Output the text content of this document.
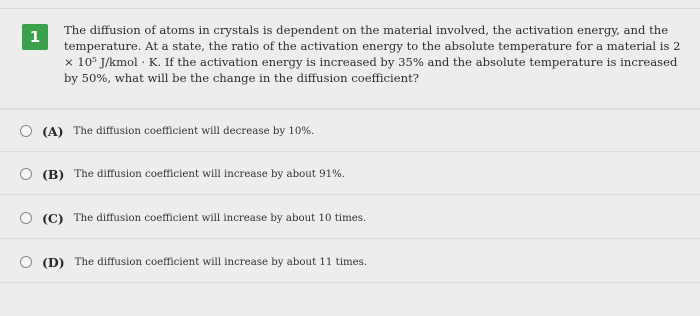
1	The diffusion of atoms in crystals is dependent on the material involved, the activation energy, and the temperature. At a state, the ratio of the activation energy to the absolute temperature for a material is 2 × 10⁵ J/kmol · K. If the activation energy is increased by 35% and the absolute temperature is increased by 50%, what will be the change in the diffusion coefficient?
(A) The diffusion coefficient will decrease by 10%.
(B) The diffusion coefficient will increase by about 91%.
(C) The diffusion coefficient will increase by about 10 times.
(D) The diffusion coefficient will increase by about 11 times.
